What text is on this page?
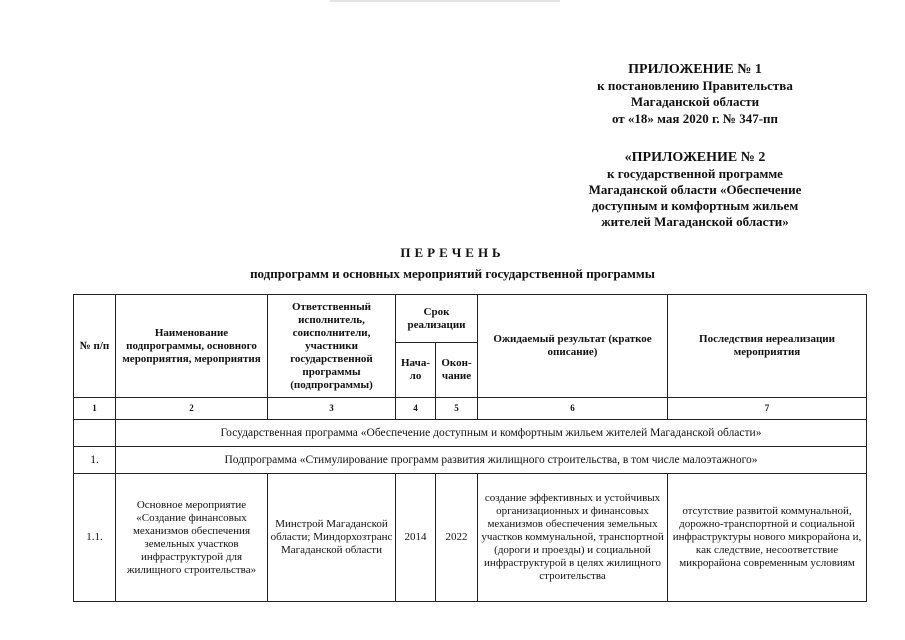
ПРИЛОЖЕНИЕ № 1
к постановлению Правительства
Магаданской области
от «18» мая 2020 г. № 347-пп
«ПРИЛОЖЕНИЕ № 2
к государственной программе
Магаданской области «Обеспечение
доступным и комфортным жильем
жителей Магаданской области»
ПЕРЕЧЕНЬ
подпрограмм и основных мероприятий государственной программы
№ п/п	Наименование подпрограммы, основного мероприятия, мероприятия	Ответственный исполнитель, соисполнители, участники государственной программы (подпрограммы)	Срок реализации		Ожидаемый результат (краткое описание)	Последствия нереализации мероприятия
			Нача-ло	Окон-чание		
1	2	3	4	5	6	7
	Государственная программа «Обеспечение доступным и комфортным жильем жителей Магаданской области»					
1.	Подпрограмма «Стимулирование программ развития жилищного строительства, в том числе малоэтажного»					
1.1.	Основное мероприятие «Создание финансовых механизмов обеспечения земельных участков инфраструктурой для жилищного строительства»	Минстрой Магаданской области; Миндорхозтранс Магаданской области	2014	2022	создание эффективных и устойчивых организационных и финансовых механизмов обеспечения земельных участков коммунальной, транспортной (дороги и проезды) и социальной инфраструктурой в целях жилищного строительства	отсутствие развитой коммунальной, дорожно-транспортной и социальной инфраструктуры нового микрорайона и, как следствие, несоответствие микрорайона современным условиям
